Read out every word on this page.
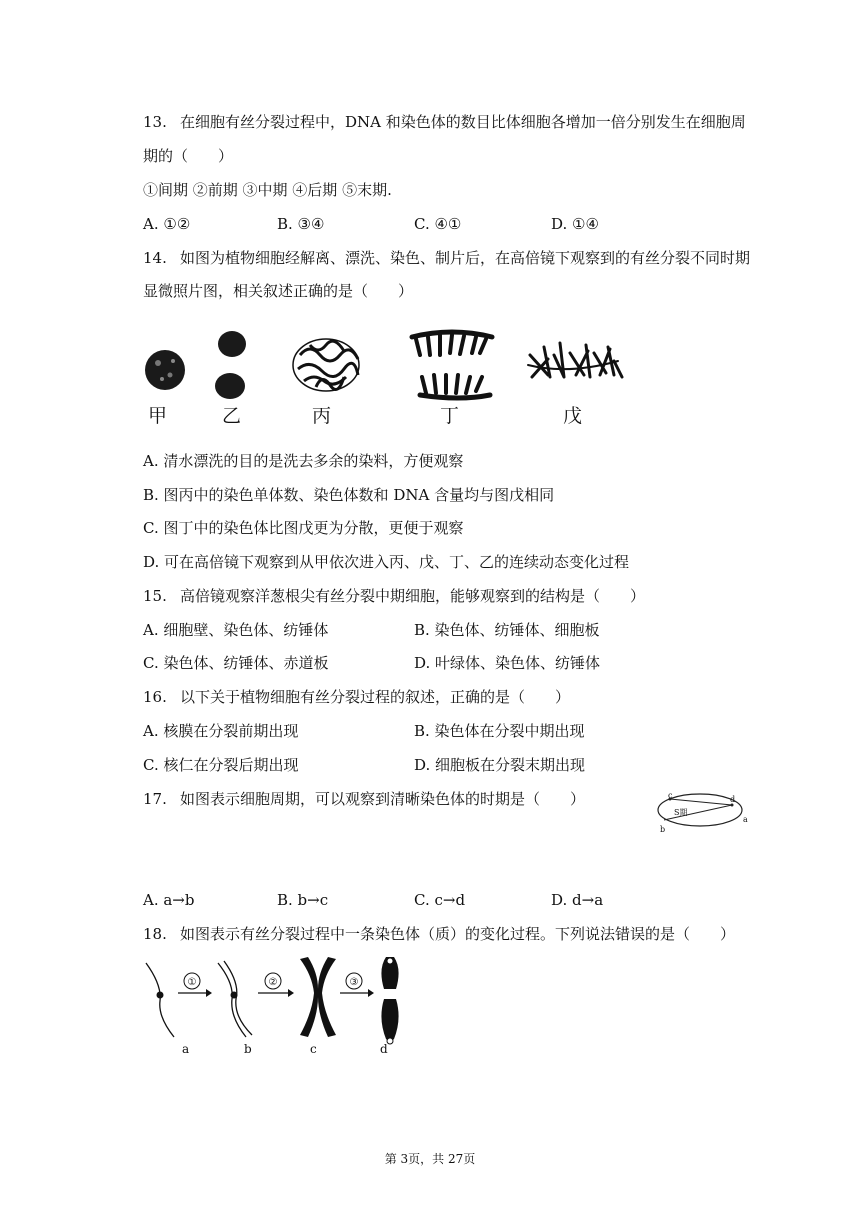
13. 在细胞有丝分裂过程中，DNA 和染色体的数目比体细胞各增加一倍分别发生在细胞周
期的（　　）
①间期 ②前期 ③中期 ④后期 ⑤末期.
A. ①②	B. ③④	C. ④①	D. ①④
14. 如图为植物细胞经解离、漂洗、染色、制片后，在高倍镜下观察到的有丝分裂不同时期
显微照片图，相关叙述正确的是（　　）
甲	乙	丙	丁	戊
A. 清水漂洗的目的是洗去多余的染料，方便观察
B. 图丙中的染色单体数、染色体数和 DNA 含量均与图戊相同
C. 图丁中的染色体比图戊更为分散，更便于观察
D. 可在高倍镜下观察到从甲依次进入丙、戊、丁、乙的连续动态变化过程
15. 高倍镜观察洋葱根尖有丝分裂中期细胞，能够观察到的结构是（　　）
A. 细胞壁、染色体、纺锤体	B. 染色体、纺锤体、细胞板
C. 染色体、纺锤体、赤道板	D. 叶绿体、染色体、纺锤体
16. 以下关于植物细胞有丝分裂过程的叙述，正确的是（　　）
A. 核膜在分裂前期出现	B. 染色体在分裂中期出现
C. 核仁在分裂后期出现	D. 细胞板在分裂末期出现
17. 如图表示细胞周期，可以观察到清晰染色体的时期是（　　）	c	d
S期
b
a
A. a→b	B. b→c	C. c→d	D. d→a
18. 如图表示有丝分裂过程中一条染色体（质）的变化过程。下列说法错误的是（　　）
①	②	③
a	b	c	d
第 3页，共 27页
